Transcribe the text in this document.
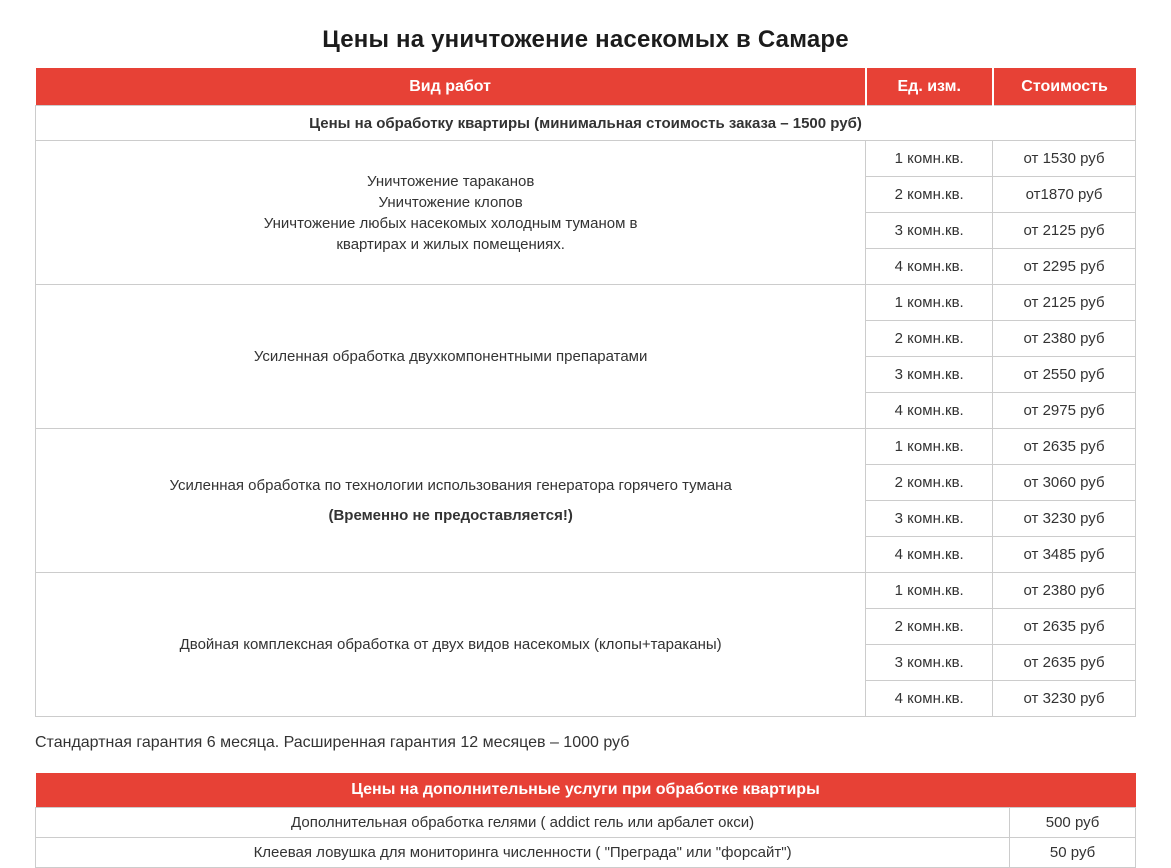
Цены на уничтожение насекомых в Самаре
Вид работ	Ед. изм.	Стоимость
Цены на обработку квартиры (минимальная стоимость заказа – 1500 руб)		

Уничтожение тараканов
Уничтожение клопов
Уничтожение любых насекомых холодным туманом в
квартирах и жилых помещениях.	1 комн.кв.	от 1530 руб
	2 комн.кв.	от1870 руб
	3 комн.кв.	от 2125 руб
	4 комн.кв.	от 2295 руб

Усиленная обработка двухкомпонентными препаратами	1 комн.кв.	от 2125 руб
	2 комн.кв.	от 2380 руб
	3 комн.кв.	от 2550 руб
	4 комн.кв.	от 2975 руб

Усиленная обработка по технологии использования генератора горячего тумана
(Временно не предоставляется!)	1 комн.кв.	от 2635 руб
	2 комн.кв.	от 3060 руб
	3 комн.кв.	от 3230 руб
	4 комн.кв.	от 3485 руб

Двойная комплексная обработка от двух видов насекомых (клопы+тараканы)	1 комн.кв.	от 2380 руб
	2 комн.кв.	от 2635 руб
	3 комн.кв.	от 2635 руб
	4 комн.кв.	от 3230 руб

Стандартная гарантия 6 месяца. Расширенная гарантия 12 месяцев – 1000 руб

Цены на дополнительные услуги при обработке квартиры	
Дополнительная обработка гелями ( addict гель или арбалет окси)	500 руб
Клеевая ловушка для мониторинга численности ( "Преграда" или "форсайт")	50 руб
